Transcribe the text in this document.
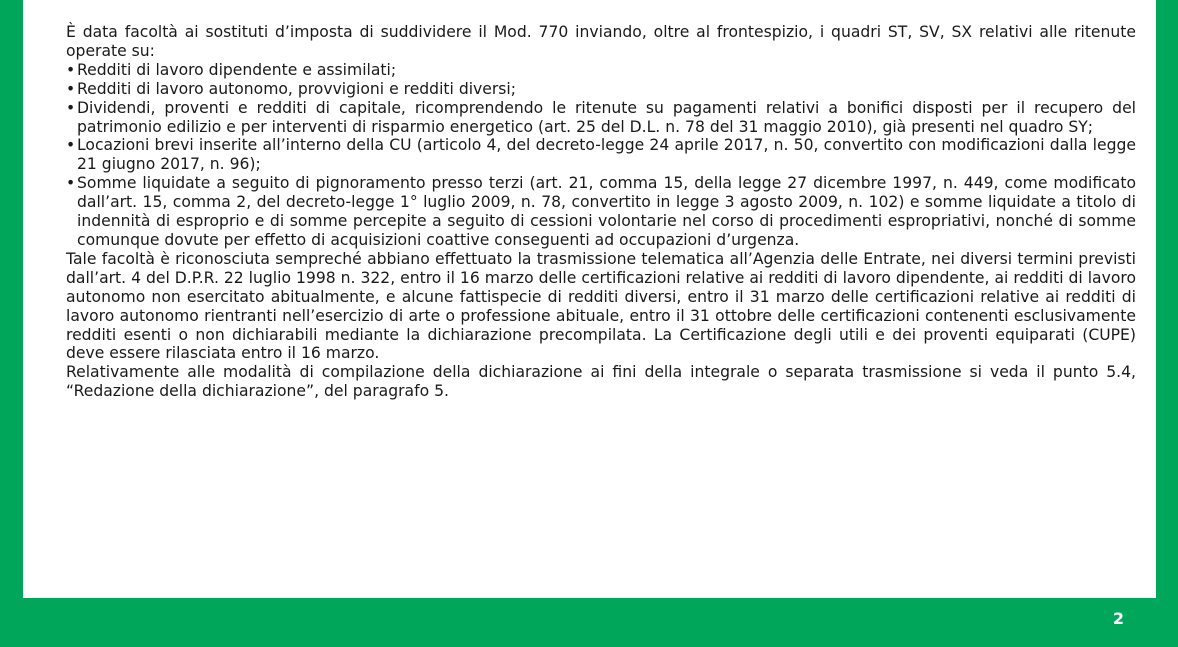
È data facoltà ai sostituti d’imposta di suddividere il Mod. 770 inviando, oltre al frontespizio, i quadri ST, SV, SX relativi alle ritenute operate su:

• Redditi di lavoro dipendente e assimilati;
• Redditi di lavoro autonomo, provvigioni e redditi diversi;
• Dividendi, proventi e redditi di capitale, ricomprendendo le ritenute su pagamenti relativi a bonifici disposti per il recupero del patrimonio edilizio e per interventi di risparmio energetico (art. 25 del D.L. n. 78 del 31 maggio 2010), già presenti nel quadro SY;
• Locazioni brevi inserite all’interno della CU (articolo 4, del decreto-legge 24 aprile 2017, n. 50, convertito con modificazioni dalla legge 21 giugno 2017, n. 96);
• Somme liquidate a seguito di pignoramento presso terzi (art. 21, comma 15, della legge 27 dicembre 1997, n. 449, come modificato dall’art. 15, comma 2, del decreto-legge 1° luglio 2009, n. 78, convertito in legge 3 agosto 2009, n. 102) e somme liquidate a titolo di indennità di esproprio e di somme percepite a seguito di cessioni volontarie nel corso di procedimenti espropriativi, nonché di somme comunque dovute per effetto di acquisizioni coattive conseguenti ad occupazioni d’urgenza.

Tale facoltà è riconosciuta sempreché abbiano effettuato la trasmissione telematica all’Agenzia delle Entrate, nei diversi termini previsti dall’art. 4 del D.P.R. 22 luglio 1998 n. 322, entro il 16 marzo delle certificazioni relative ai redditi di lavoro dipendente, ai redditi di lavoro autonomo non esercitato abitualmente, e alcune fattispecie di redditi diversi, entro il 31 marzo delle certificazioni relative ai redditi di lavoro autonomo rientranti nell’esercizio di arte o professione abituale, entro il 31 ottobre delle certificazioni contenenti esclusivamente redditi esenti o non dichiarabili mediante la dichiarazione precompilata. La Certificazione degli utili e dei proventi equiparati (CUPE) deve essere rilasciata entro il 16 marzo.

Relativamente alle modalità di compilazione della dichiarazione ai fini della integrale o separata trasmissione si veda il punto 5.4, “Redazione della dichiarazione”, del paragrafo 5.

2
